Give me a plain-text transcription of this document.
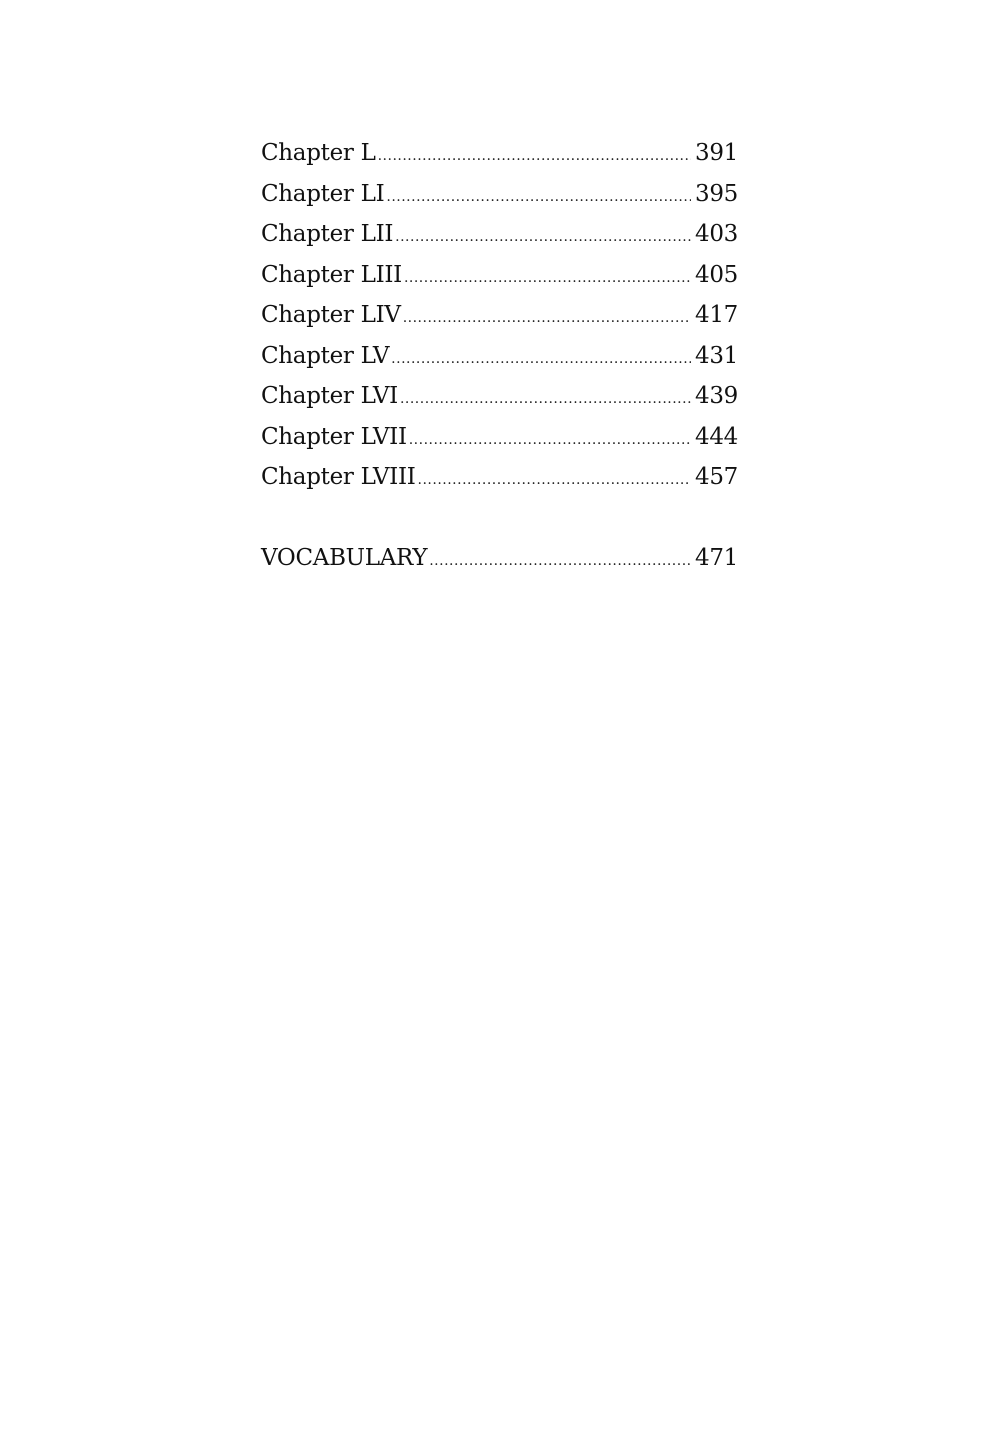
Chapter L .....	391
Chapter LI .....	395
Chapter LII .....	403
Chapter LIII .....	405
Chapter LIV .....	417
Chapter LV .....	431
Chapter LVI .....	439
Chapter LVII .....	444
Chapter LVIII .....	457
VOCABULARY .....	471
